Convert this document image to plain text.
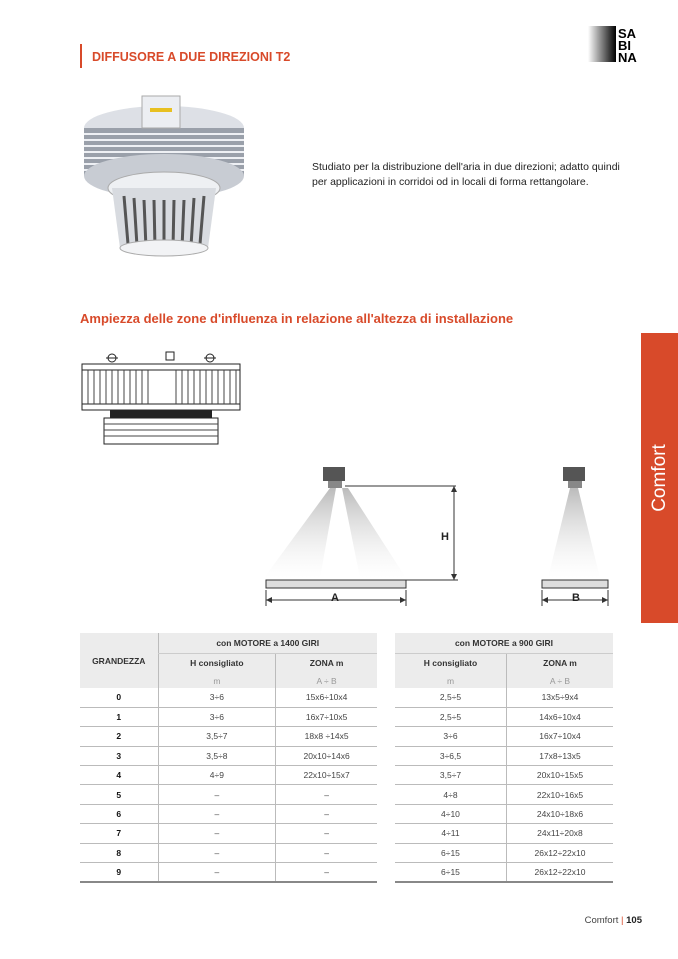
DIFFUSORE A DUE DIREZIONI T2
SA
BI
NA
Studiato per la distribuzione dell'aria in due direzioni; adatto quindi per applicazioni in corridoi od in locali di forma rettangolare.
Ampiezza delle zone d'influenza in relazione all'altezza di installazione
H
A	B
Comfort
GRANDEZZA	con MOTORE a 1400 GIRI	
	H consigliato	ZONA m
	m	A ÷ B
0	3÷6	15x6÷10x4
1	3÷6	16x7÷10x5
2	3,5÷7	18x8 ÷14x5
3	3,5÷8	20x10÷14x6
4	4÷9	22x10÷15x7
5	–	–
6	–	–
7	–	–
8	–	–
9	–	–
con MOTORE a 900 GIRI	
H consigliato	ZONA m
m	A ÷ B
2,5÷5	13x5÷9x4
2,5÷5	14x6÷10x4
3÷6	16x7÷10x4
3÷6,5	17x8÷13x5
3,5÷7	20x10÷15x5
4÷8	22x10÷16x5
4÷10	24x10÷18x6
4÷11	24x11÷20x8
6÷15	26x12÷22x10
6÷15	26x12÷22x10
Comfort | 105
